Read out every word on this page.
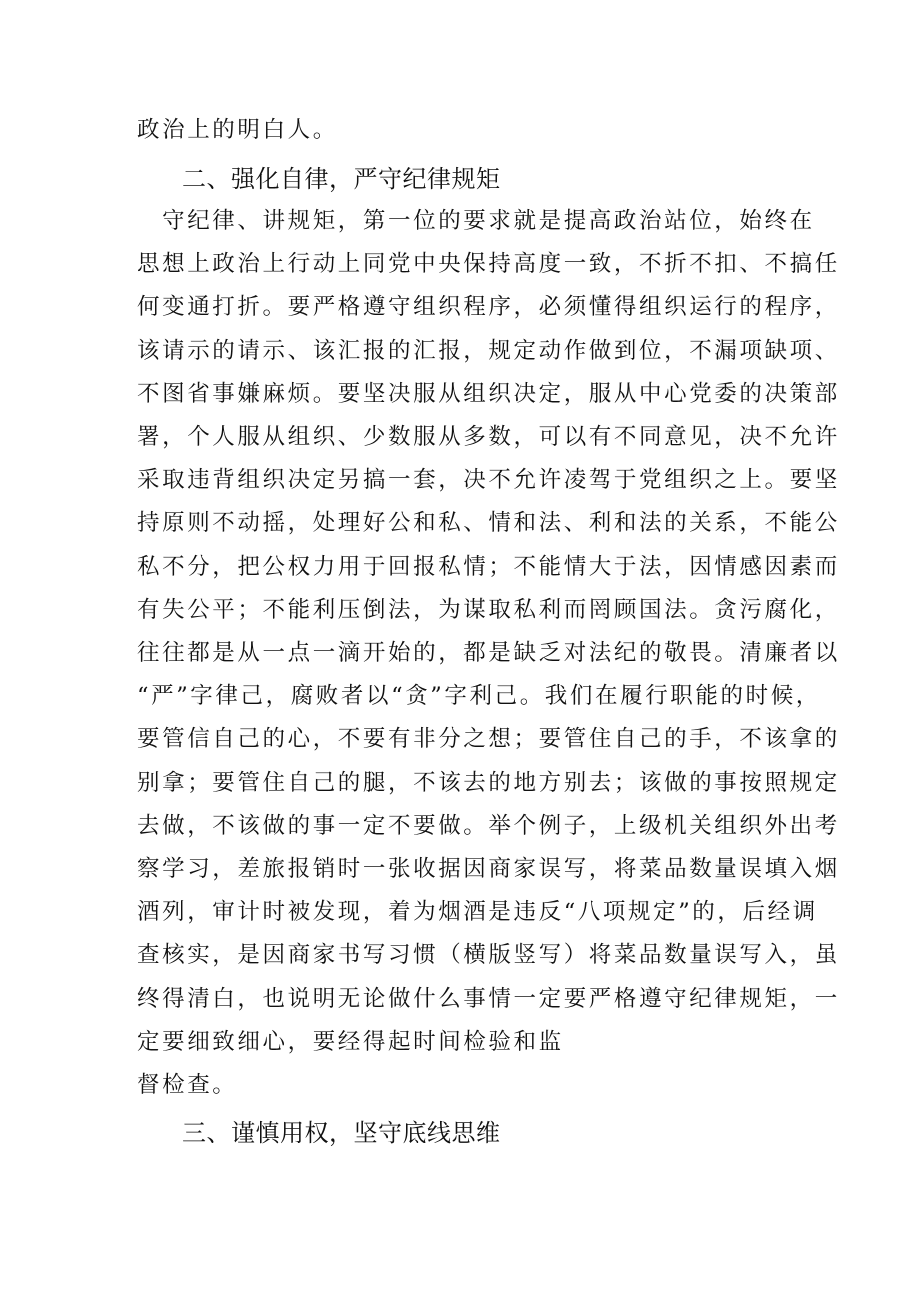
政治上的明白人。
二、强化自律，严守纪律规矩
　守纪律、讲规矩，第一位的要求就是提高政治站位，始终在
思想上政治上行动上同党中央保持高度一致，不折不扣、不搞任
何变通打折。要严格遵守组织程序，必须懂得组织运行的程序，
该请示的请示、该汇报的汇报，规定动作做到位，不漏项缺项、
不图省事嫌麻烦。要坚决服从组织决定，服从中心党委的决策部
署，个人服从组织、少数服从多数，可以有不同意见，决不允许
采取违背组织决定另搞一套，决不允许凌驾于党组织之上。要坚
持原则不动摇，处理好公和私、情和法、利和法的关系，不能公
私不分，把公权力用于回报私情；不能情大于法，因情感因素而
有失公平；不能利压倒法，为谋取私利而罔顾国法。贪污腐化，
往往都是从一点一滴开始的，都是缺乏对法纪的敬畏。清廉者以
“严”字律己，腐败者以“贪”字利己。我们在履行职能的时候，
要管信自己的心，不要有非分之想；要管住自己的手，不该拿的
别拿；要管住自己的腿，不该去的地方别去；该做的事按照规定
去做，不该做的事一定不要做。举个例子，上级机关组织外出考
察学习，差旅报销时一张收据因商家误写，将菜品数量误填入烟
酒列，审计时被发现，着为烟酒是违反“八项规定”的，后经调
查核实，是因商家书写习惯（横版竖写）将菜品数量误写入，虽
终得清白，也说明无论做什么事情一定要严格遵守纪律规矩，一
定要细致细心，要经得起时间检验和监
督检查。
三、谨慎用权，坚守底线思维
